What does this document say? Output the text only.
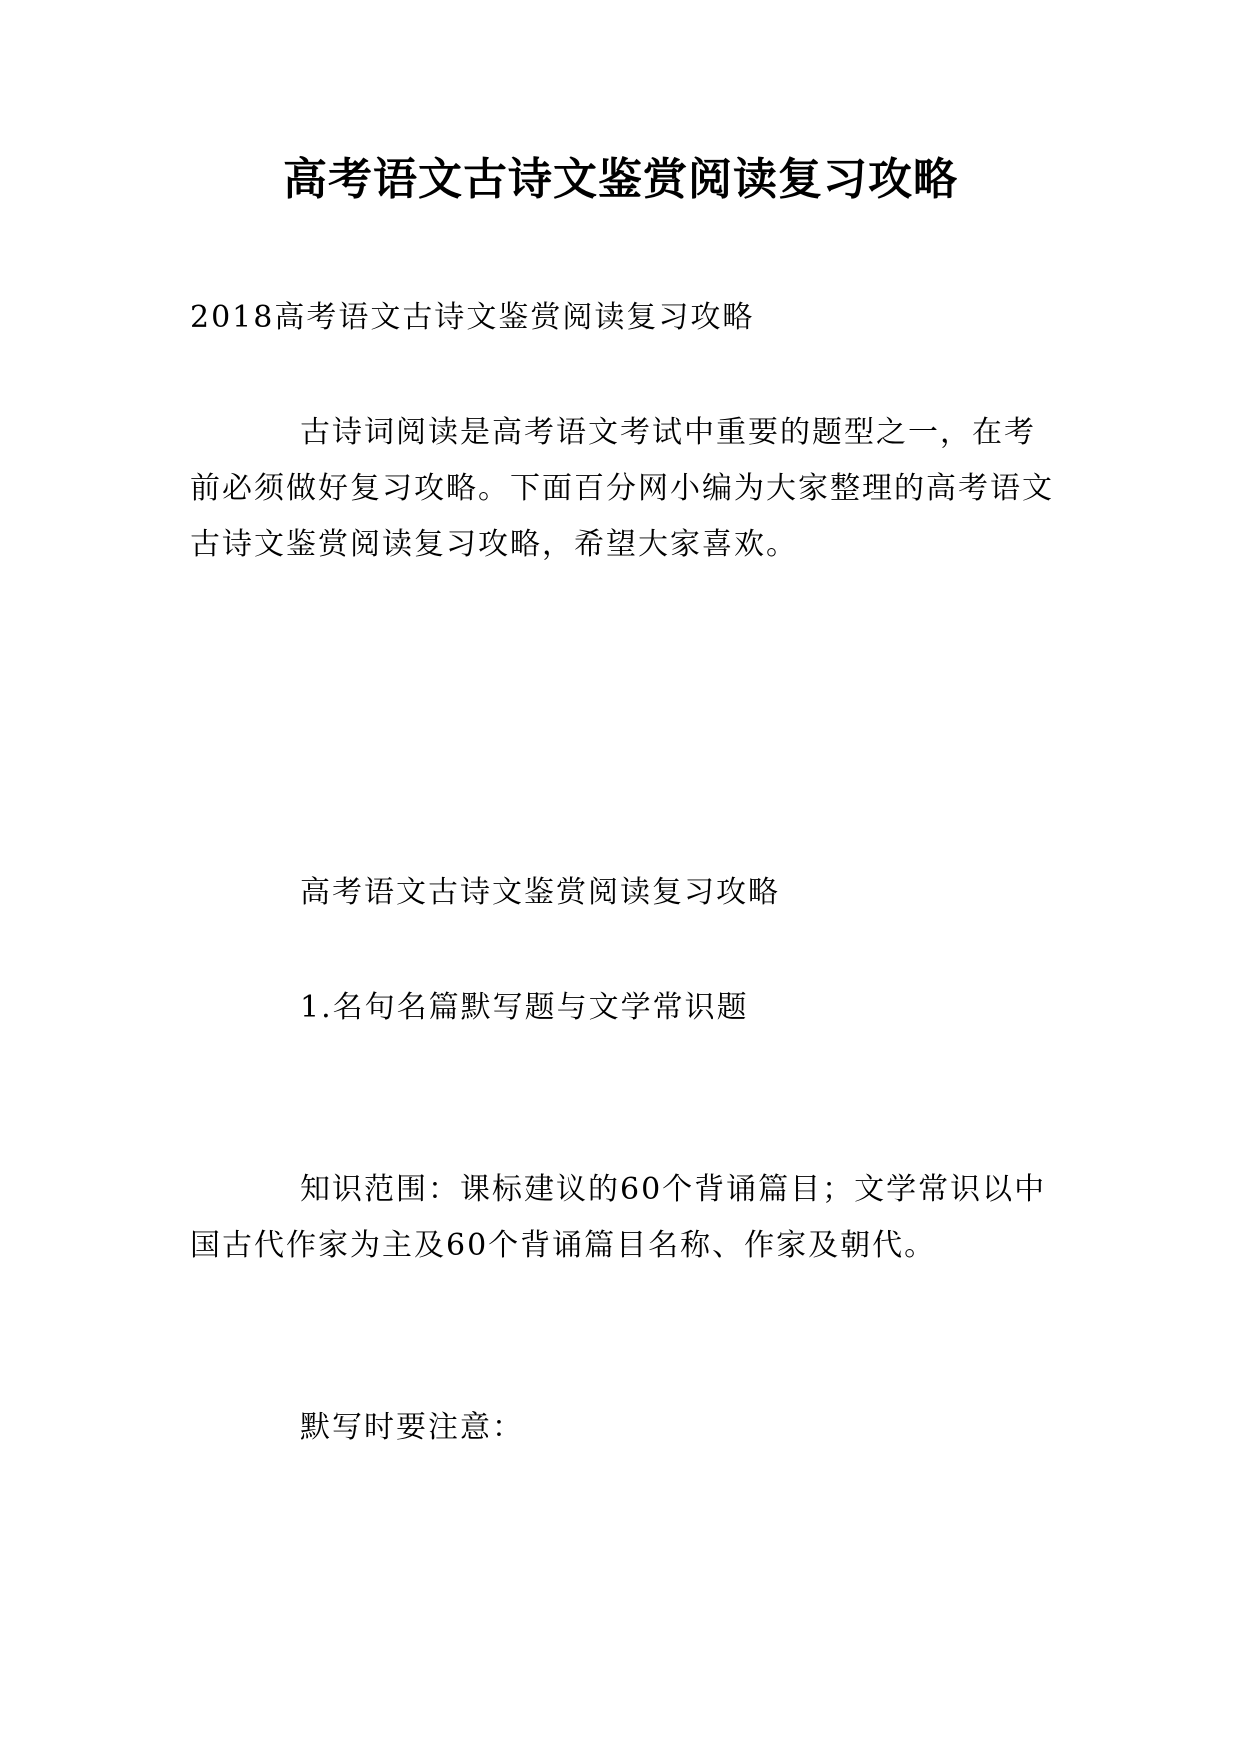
高考语文古诗文鉴赏阅读复习攻略
2018高考语文古诗文鉴赏阅读复习攻略
古诗词阅读是高考语文考试中重要的题型之一，在考前必须做好复习攻略。下面百分网小编为大家整理的高考语文古诗文鉴赏阅读复习攻略，希望大家喜欢。
高考语文古诗文鉴赏阅读复习攻略
1.名句名篇默写题与文学常识题
知识范围：课标建议的60个背诵篇目；文学常识以中国古代作家为主及60个背诵篇目名称、作家及朝代。
默写时要注意：
